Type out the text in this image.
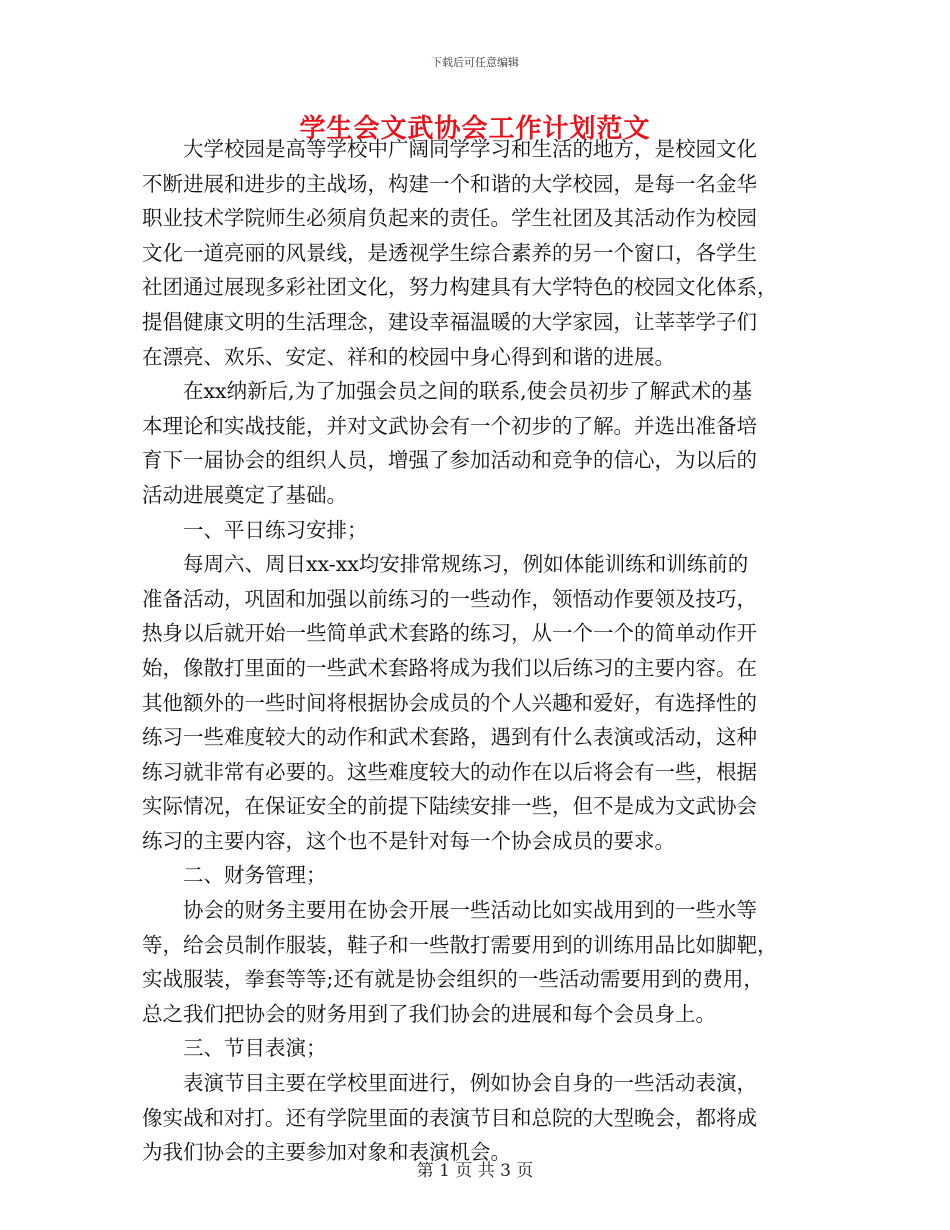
下载后可任意编辑
学生会文武协会工作计划范文

大学校园是高等学校中广阔同学学习和生活的地方，是校园文化
不断进展和进步的主战场，构建一个和谐的大学校园，是每一名金华
职业技术学院师生必须肩负起来的责任。学生社团及其活动作为校园
文化一道亮丽的风景线，是透视学生综合素养的另一个窗口，各学生
社团通过展现多彩社团文化，努力构建具有大学特色的校园文化体系，
提倡健康文明的生活理念，建设幸福温暖的大学家园，让莘莘学子们
在漂亮、欢乐、安定、祥和的校园中身心得到和谐的进展。

在xx纳新后,为了加强会员之间的联系,使会员初步了解武术的基
本理论和实战技能，并对文武协会有一个初步的了解。并选出准备培
育下一届协会的组织人员，增强了参加活动和竞争的信心，为以后的
活动进展奠定了基础。

一、平日练习安排；

每周六、周日xx-xx均安排常规练习，例如体能训练和训练前的
准备活动，巩固和加强以前练习的一些动作，领悟动作要领及技巧，
热身以后就开始一些简单武术套路的练习，从一个一个的简单动作开
始，像散打里面的一些武术套路将成为我们以后练习的主要内容。在
其他额外的一些时间将根据协会成员的个人兴趣和爱好，有选择性的
练习一些难度较大的动作和武术套路，遇到有什么表演或活动，这种
练习就非常有必要的。这些难度较大的动作在以后将会有一些，根据
实际情况，在保证安全的前提下陆续安排一些，但不是成为文武协会
练习的主要内容，这个也不是针对每一个协会成员的要求。

二、财务管理；

协会的财务主要用在协会开展一些活动比如实战用到的一些水等
等，给会员制作服装，鞋子和一些散打需要用到的训练用品比如脚靶，
实战服装，拳套等等;还有就是协会组织的一些活动需要用到的费用，
总之我们把协会的财务用到了我们协会的进展和每个会员身上。

三、节目表演；

表演节目主要在学校里面进行，例如协会自身的一些活动表演，
像实战和对打。还有学院里面的表演节目和总院的大型晚会，都将成
为我们协会的主要参加对象和表演机会。

第 1 页 共 3 页
